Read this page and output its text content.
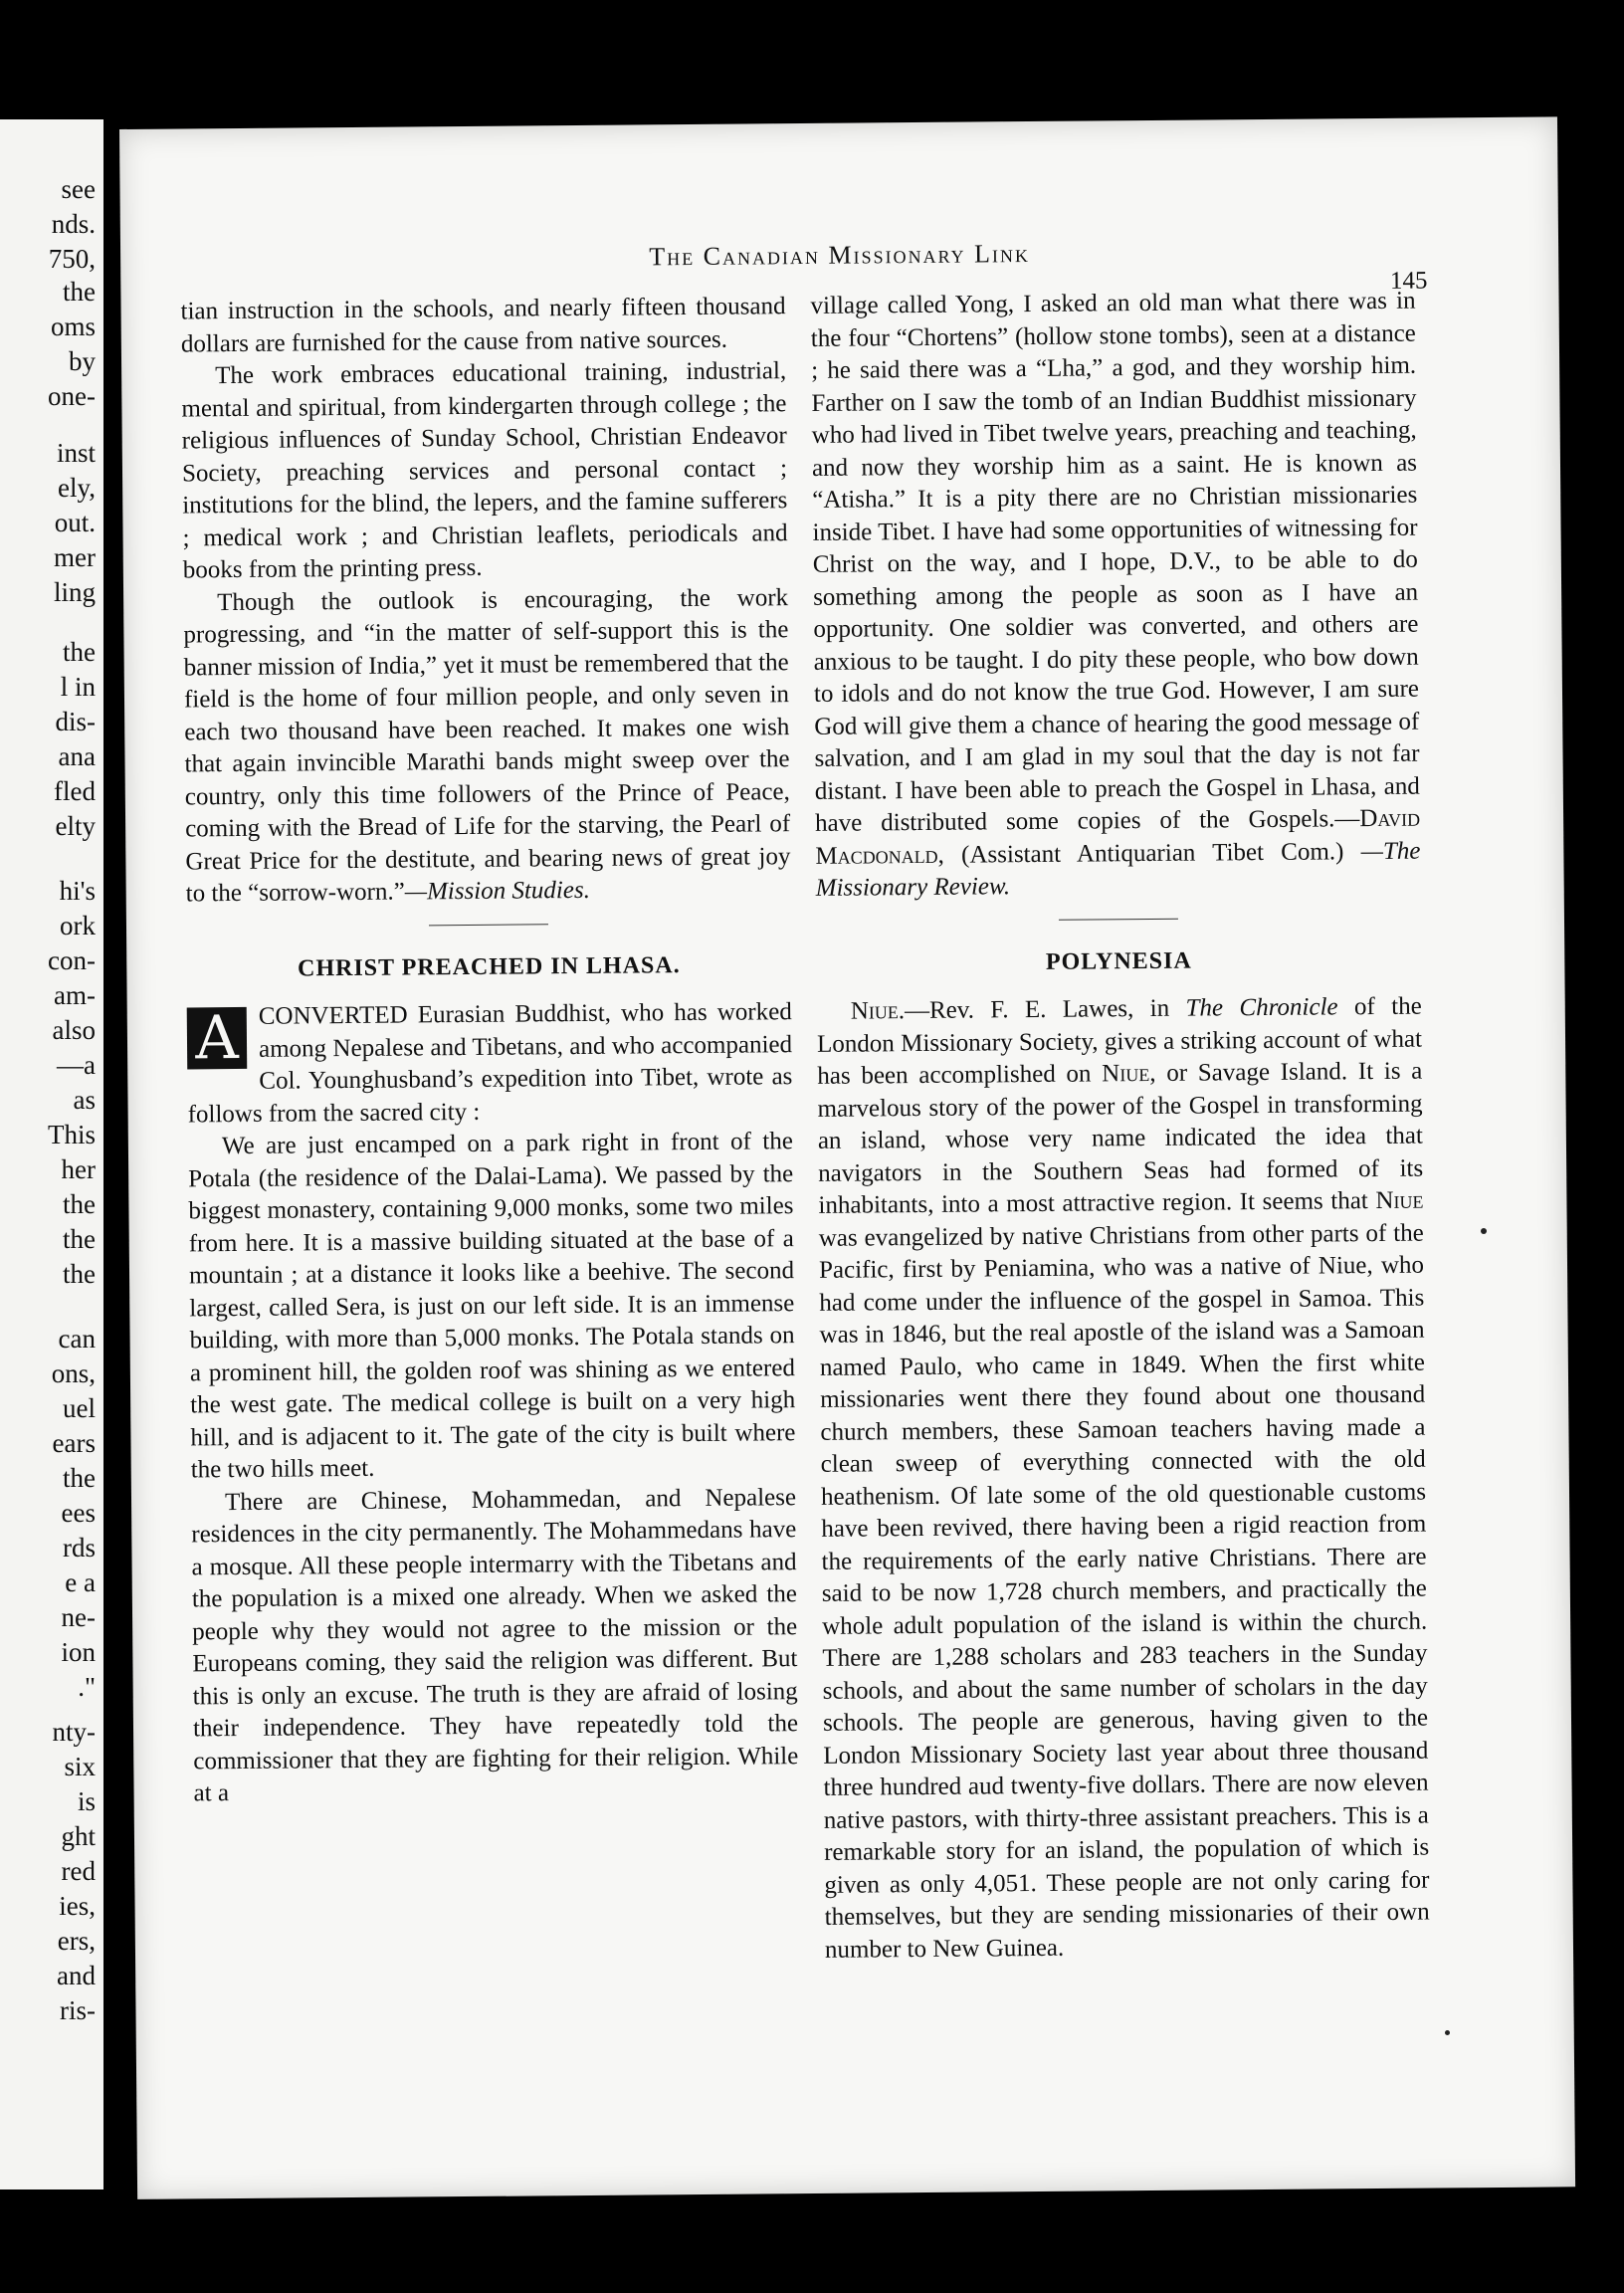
see
nds.
750,
the
oms
by
one-
inst
ely,
out.
mer
ling
the
l in
dis-
ana
fled
elty
hi's
ork
con-
am-
also
—a
as
This
her
the
the
the
can
ons,
uel
ears
the
ees
rds
e a
ne-
ion
."
nty-
six
is
ght
red
ies,
ers,
and
ris-
The Canadian Missionary Link
145

tian instruction in the schools, and nearly fifteen thousand dollars are furnished for the cause from native sources.

The work embraces educational training, industrial, mental and spiritual, from kindergarten through college ; the religious influences of Sunday School, Christian Endeavor Society, preaching services and personal contact ; institutions for the blind, the lepers, and the famine sufferers ; medical work ; and Christian leaflets, periodicals and books from the printing press.

Though the outlook is encouraging, the work progressing, and “in the matter of self-support this is the banner mission of India,” yet it must be remembered that the field is the home of four million people, and only seven in each two thousand have been reached. It makes one wish that again invincible Marathi bands might sweep over the country, only this time followers of the Prince of Peace, coming with the Bread of Life for the starving, the Pearl of Great Price for the destitute, and bearing news of great joy to the “sorrow-worn.”—Mission Studies.

CHRIST PREACHED IN LHASA.

A CONVERTED Eurasian Buddhist, who has worked among Nepalese and Tibetans, and who accompanied Col. Younghusband’s expedition into Tibet, wrote as follows from the sacred city :

We are just encamped on a park right in front of the Potala (the residence of the Dalai-Lama). We passed by the biggest monastery, containing 9,000 monks, some two miles from here. It is a massive building situated at the base of a mountain ; at a distance it looks like a beehive. The second largest, called Sera, is just on our left side. It is an immense building, with more than 5,000 monks. The Potala stands on a prominent hill, the golden roof was shining as we entered the west gate. The medical college is built on a very high hill, and is adjacent to it. The gate of the city is built where the two hills meet.

There are Chinese, Mohammedan, and Nepalese residences in the city permanently. The Mohammedans have a mosque. All these people intermarry with the Tibetans and the population is a mixed one already. When we asked the people why they would not agree to the mission or the Europeans coming, they said the religion was different. But this is only an excuse. The truth is they are afraid of losing their independence. They have repeatedly told the commissioner that they are fighting for their religion. While at a

village called Yong, I asked an old man what there was in the four “Chortens” (hollow stone tombs), seen at a distance ; he said there was a “Lha,” a god, and they worship him. Farther on I saw the tomb of an Indian Buddhist missionary who had lived in Tibet twelve years, preaching and teaching, and now they worship him as a saint. He is known as “Atisha.” It is a pity there are no Christian missionaries inside Tibet. I have had some opportunities of witnessing for Christ on the way, and I hope, D.V., to be able to do something among the people as soon as I have an opportunity. One soldier was converted, and others are anxious to be taught. I do pity these people, who bow down to idols and do not know the true God. However, I am sure God will give them a chance of hearing the good message of salvation, and I am glad in my soul that the day is not far distant. I have been able to preach the Gospel in Lhasa, and have distributed some copies of the Gospels.—David Macdonald, (Assistant Antiquarian Tibet Com.) —The Missionary Review.

POLYNESIA

Niue.—Rev. F. E. Lawes, in The Chronicle of the London Missionary Society, gives a striking account of what has been accomplished on Niue, or Savage Island. It is a marvelous story of the power of the Gospel in transforming an island, whose very name indicated the idea that navigators in the Southern Seas had formed of its inhabitants, into a most attractive region. It seems that Niue was evangelized by native Christians from other parts of the Pacific, first by Peniamina, who was a native of Niue, who had come under the influence of the gospel in Samoa. This was in 1846, but the real apostle of the island was a Samoan named Paulo, who came in 1849. When the first white missionaries went there they found about one thousand church members, these Samoan teachers having made a clean sweep of everything connected with the old heathenism. Of late some of the old questionable customs have been revived, there having been a rigid reaction from the requirements of the early native Christians. There are said to be now 1,728 church members, and practically the whole adult population of the island is within the church. There are 1,288 scholars and 283 teachers in the Sunday schools, and about the same number of scholars in the day schools. The people are generous, having given to the London Missionary Society last year about three thousand three hundred aud twenty-five dollars. There are now eleven native pastors, with thirty-three assistant preachers. This is a remarkable story for an island, the population of which is given as only 4,051. These people are not only caring for themselves, but they are sending missionaries of their own number to New Guinea.
